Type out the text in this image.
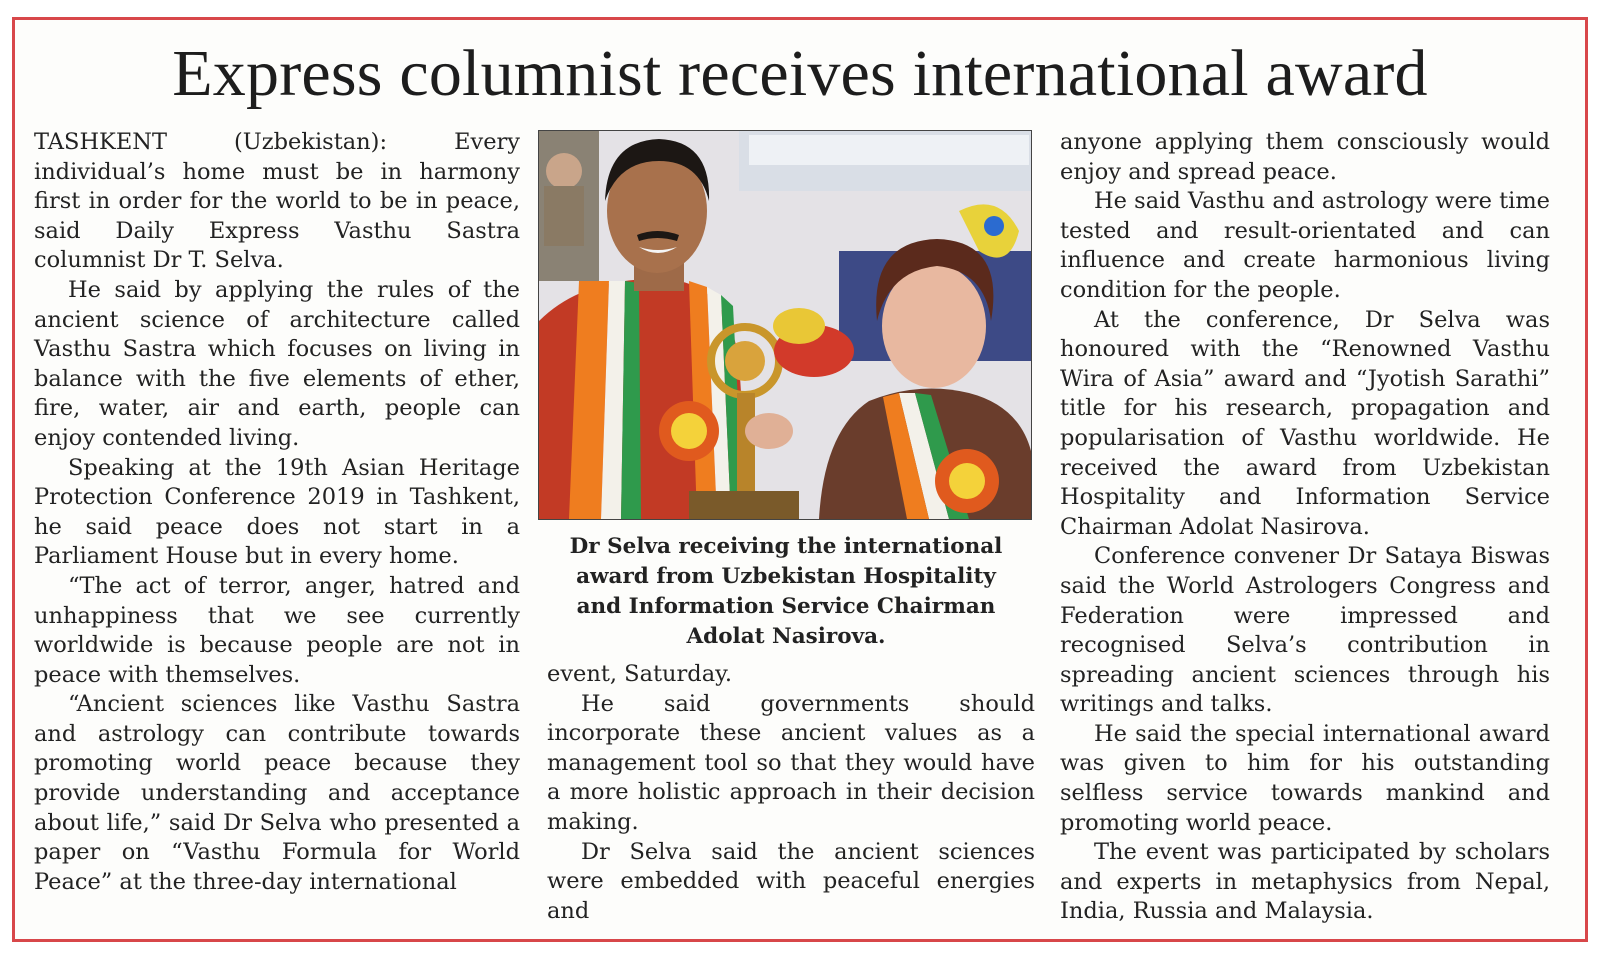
Express columnist receives international award

TASHKENT (Uzbekistan): Every individual’s home must be in harmony first in order for the world to be in peace, said Daily Express Vasthu Sastra columnist Dr T. Selva.

He said by applying the rules of the ancient science of architecture called Vasthu Sastra which focuses on living in balance with the five elements of ether, fire, water, air and earth, people can enjoy contended living.

Speaking at the 19th Asian Heritage Protection Conference 2019 in Tashkent, he said peace does not start in a Parliament House but in every home.

“The act of terror, anger, hatred and unhappiness that we see currently worldwide is because people are not in peace with themselves.

“Ancient sciences like Vasthu Sastra and astrology can contribute towards promoting world peace because they provide understanding and acceptance about life,” said Dr Selva who presented a paper on “Vasthu Formula for World Peace” at the three-day international

Dr Selva receiving the international award from Uzbekistan Hospitality and Information Service Chairman Adolat Nasirova.

event, Saturday.

He said governments should incorporate these ancient values as a management tool so that they would have a more holistic approach in their decision making.

Dr Selva said the ancient sciences were embedded with peaceful energies and

anyone applying them consciously would enjoy and spread peace.

He said Vasthu and astrology were time tested and result-orientated and can influence and create harmonious living condition for the people.

At the conference, Dr Selva was honoured with the “Renowned Vasthu Wira of Asia” award and “Jyotish Sarathi” title for his research, propagation and popularisation of Vasthu worldwide. He received the award from Uzbekistan Hospitality and Information Service Chairman Adolat Nasirova.

Conference convener Dr Sataya Biswas said the World Astrologers Congress and Federation were impressed and recognised Selva’s contribution in spreading ancient sciences through his writings and talks.

He said the special international award was given to him for his outstanding selfless service towards mankind and promoting world peace.

The event was participated by scholars and experts in metaphysics from Nepal, India, Russia and Malaysia.
